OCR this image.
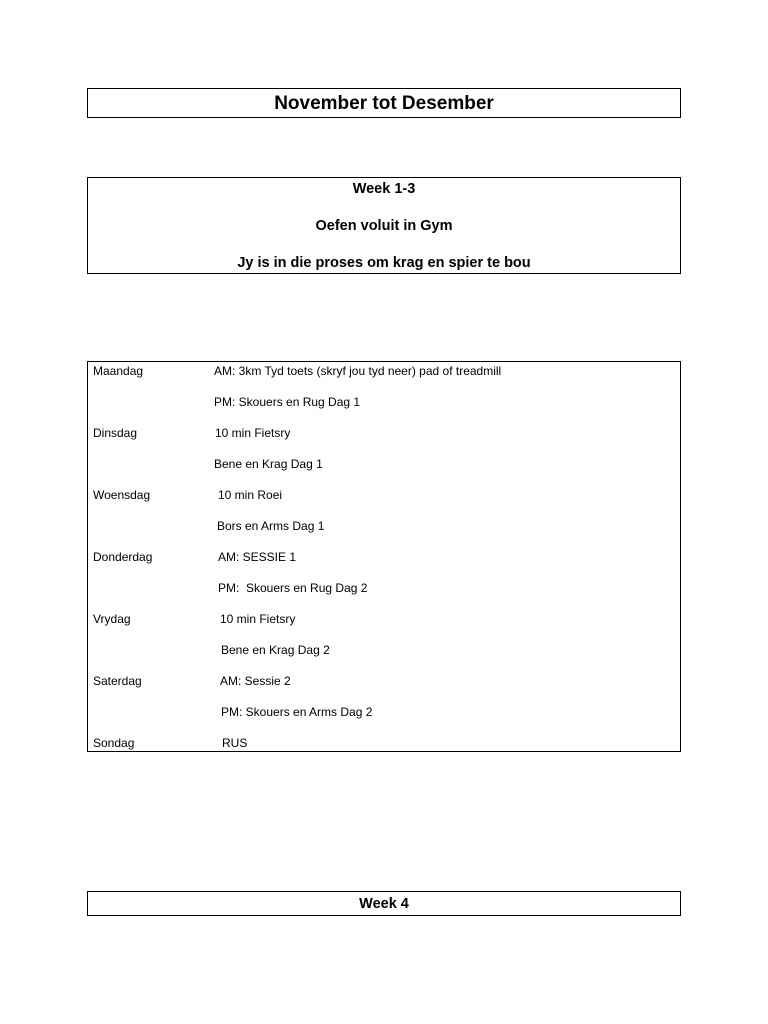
November tot Desember
Week 1-3
Oefen voluit in Gym
Jy is in die proses om krag en spier te bou
Maandag	AM: 3km Tyd toets (skryf jou tyd neer) pad of treadmill
PM: Skouers en Rug Dag 1
Dinsdag	10 min Fietsry
Bene en Krag Dag 1
Woensdag	10 min Roei
Bors en Arms Dag 1
Donderdag	AM: SESSIE 1
PM:  Skouers en Rug Dag 2
Vrydag	10 min Fietsry
Bene en Krag Dag 2
Saterdag	AM: Sessie 2
PM: Skouers en Arms Dag 2
Sondag	RUS
Week 4
